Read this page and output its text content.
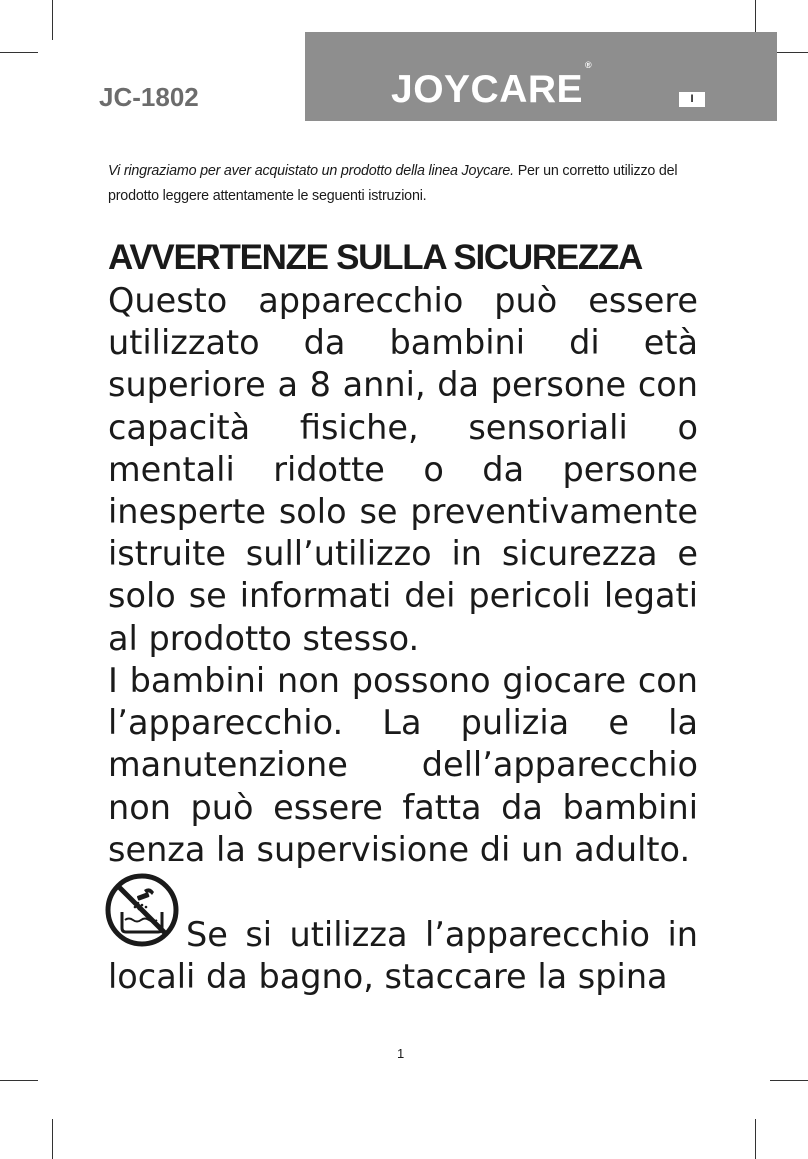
JC-1802	JOYCARE®
I
Vi ringraziamo per aver acquistato un prodotto della linea Joycare. Per un corretto utilizzo del prodotto leggere attentamente le seguenti istruzioni.
AVVERTENZE SULLA SICUREZZA
Questo apparecchio può essere utilizzato da bambini di età superiore a 8 anni, da persone con capacità fisiche, sensoriali o mentali ridotte o da persone inesperte solo se preventivamente istruite sull’utilizzo in sicurezza e solo se informati dei pericoli legati al prodotto stesso.
I bambini non possono giocare con l’apparecchio. La pulizia e la manutenzione dell’apparecchio non può essere fatta da bambini senza la supervisione di un adulto.
Se si utilizza l’apparecchio in locali da bagno, staccare la spina
1
